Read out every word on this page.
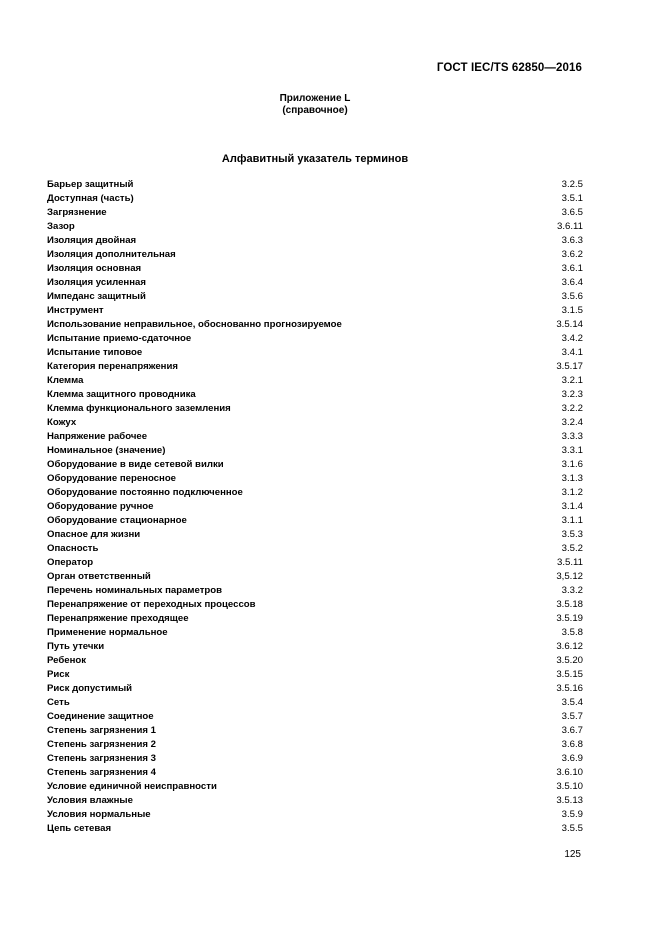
ГОСТ IEC/TS 62850—2016
Приложение L
(справочное)
Алфавитный указатель терминов
Барьер защитный	3.2.5
Доступная (часть)	3.5.1
Загрязнение	3.6.5
Зазор	3.6.11
Изоляция двойная	3.6.3
Изоляция дополнительная	3.6.2
Изоляция основная	3.6.1
Изоляция усиленная	3.6.4
Импеданс защитный	3.5.6
Инструмент	3.1.5
Использование неправильное, обоснованно прогнозируемое	3.5.14
Испытание приемо-сдаточное	3.4.2
Испытание типовое	3.4.1
Категория перенапряжения	3.5.17
Клемма	3.2.1
Клемма защитного проводника	3.2.3
Клемма функционального заземления	3.2.2
Кожух	3.2.4
Напряжение рабочее	3.3.3
Номинальное (значение)	3.3.1
Оборудование в виде сетевой вилки	3.1.6
Оборудование переносное	3.1.3
Оборудование постоянно подключенное	3.1.2
Оборудование ручное	3.1.4
Оборудование стационарное	3.1.1
Опасное для жизни	3.5.3
Опасность	3.5.2
Оператор	3.5.11
Орган ответственный	3,5.12
Перечень номинальных параметров	3.3.2
Перенапряжение от переходных процессов	3.5.18
Перенапряжение преходящее	3.5.19
Применение нормальное	3.5.8
Путь утечки	3.6.12
Ребенок	3.5.20
Риск	3.5.15
Риск допустимый	3.5.16
Сеть	3.5.4
Соединение защитное	3.5.7
Степень загрязнения 1	3.6.7
Степень загрязнения 2	3.6.8
Степень загрязнения 3	3.6.9
Степень загрязнения 4	3.6.10
Условие единичной неисправности	3.5.10
Условия влажные	3.5.13
Условия нормальные	3.5.9
Цепь сетевая	3.5.5
125
